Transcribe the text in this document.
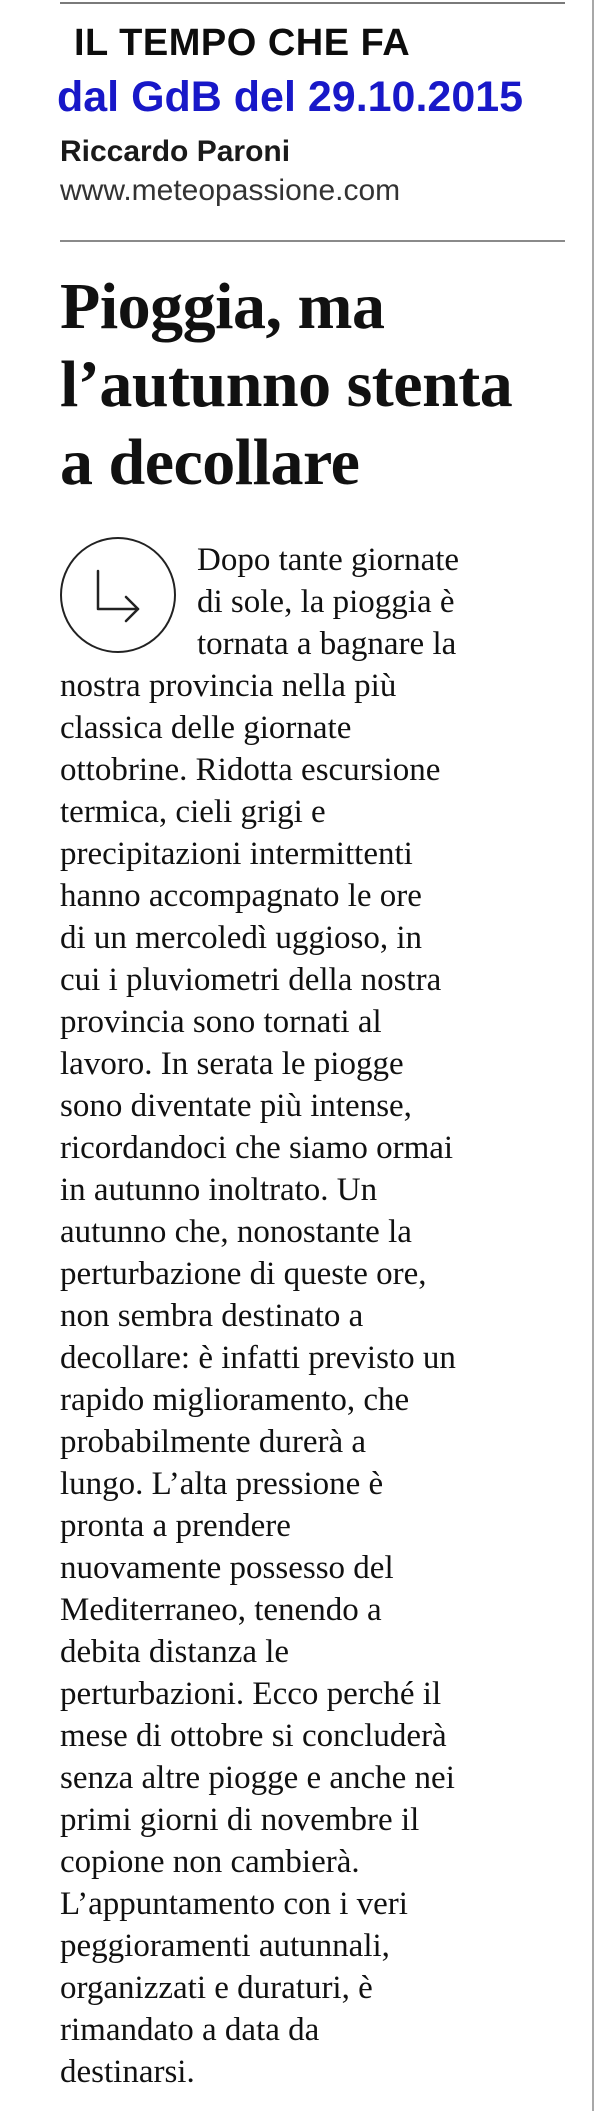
IL TEMPO CHE FA
dal GdB del 29.10.2015
Riccardo Paroni
www.meteopassione.com
Pioggia, ma
l’autunno stenta
a decollare
Dopo tante giornate
di sole, la pioggia è
tornata a bagnare la
nostra provincia nella più
classica delle giornate
ottobrine. Ridotta escursione
termica, cieli grigi e
precipitazioni intermittenti
hanno accompagnato le ore
di un mercoledì uggioso, in
cui i pluviometri della nostra
provincia sono tornati al
lavoro. In serata le piogge
sono diventate più intense,
ricordandoci che siamo ormai
in autunno inoltrato. Un
autunno che, nonostante la
perturbazione di queste ore,
non sembra destinato a
decollare: è infatti previsto un
rapido miglioramento, che
probabilmente durerà a
lungo. L’alta pressione è
pronta a prendere
nuovamente possesso del
Mediterraneo, tenendo a
debita distanza le
perturbazioni. Ecco perché il
mese di ottobre si concluderà
senza altre piogge e anche nei
primi giorni di novembre il
copione non cambierà.
L’appuntamento con i veri
peggioramenti autunnali,
organizzati e duraturi, è
rimandato a data da
destinarsi.
